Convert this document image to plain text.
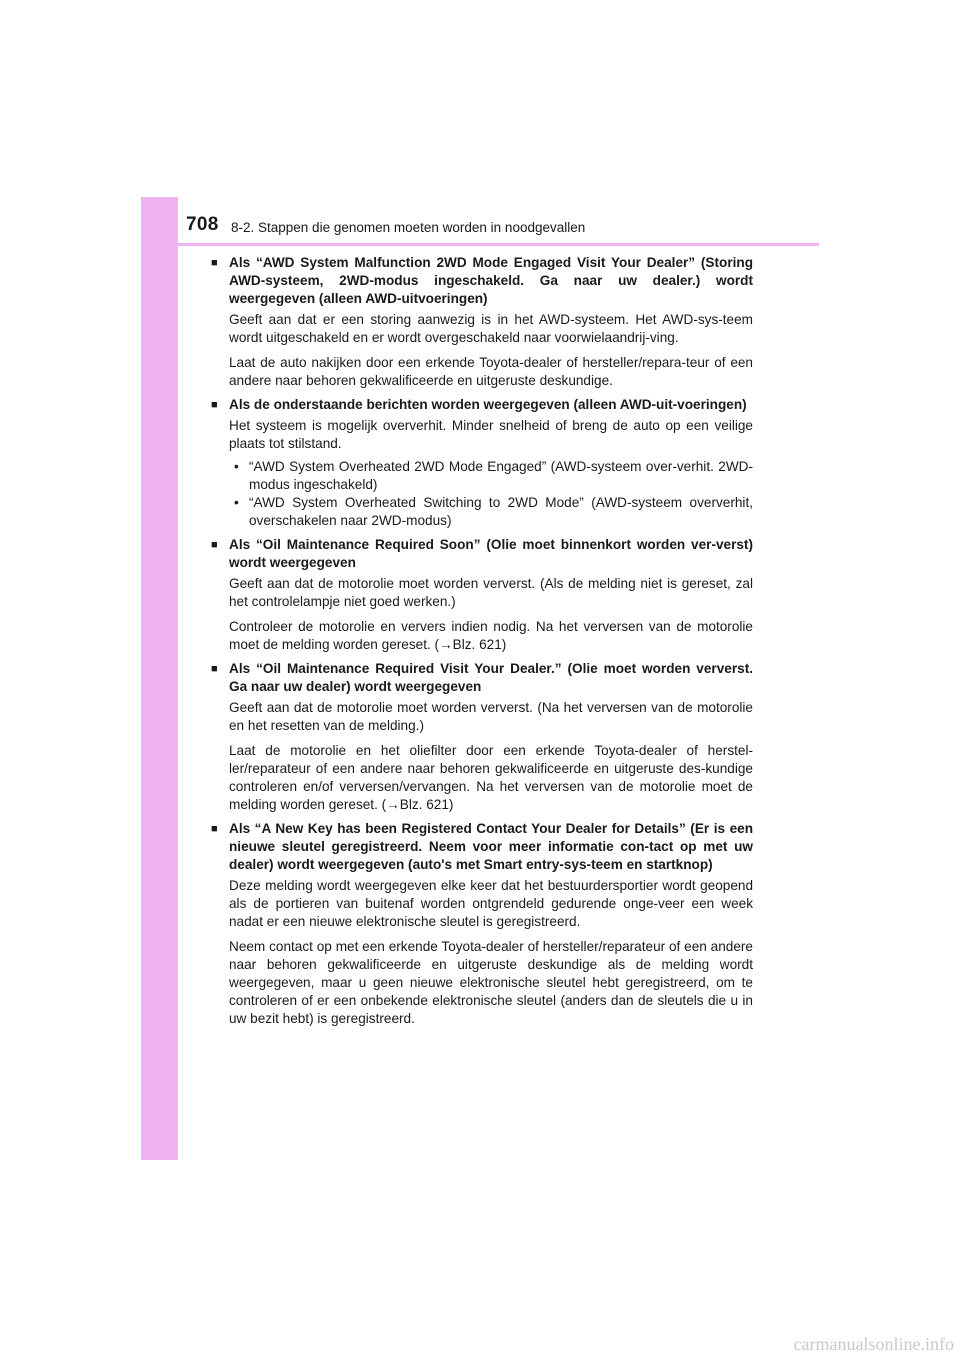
708 8-2. Stappen die genomen moeten worden in noodgevallen
■ Als “AWD System Malfunction 2WD Mode Engaged Visit Your Dealer” (Storing AWD-systeem, 2WD-modus ingeschakeld. Ga naar uw dealer.) wordt weergegeven (alleen AWD-uitvoeringen)
Geeft aan dat er een storing aanwezig is in het AWD-systeem. Het AWD-sys-teem wordt uitgeschakeld en er wordt overgeschakeld naar voorwielaandrij-ving.
Laat de auto nakijken door een erkende Toyota-dealer of hersteller/repara-teur of een andere naar behoren gekwalificeerde en uitgeruste deskundige.
■ Als de onderstaande berichten worden weergegeven (alleen AWD-uit-voeringen)
Het systeem is mogelijk oververhit. Minder snelheid of breng de auto op een veilige plaats tot stilstand.
• “AWD System Overheated 2WD Mode Engaged” (AWD-systeem over-verhit. 2WD-modus ingeschakeld)
• “AWD System Overheated Switching to 2WD Mode” (AWD-systeem oververhit, overschakelen naar 2WD-modus)
■ Als “Oil Maintenance Required Soon” (Olie moet binnenkort worden ver-verst) wordt weergegeven
Geeft aan dat de motorolie moet worden ververst. (Als de melding niet is gereset, zal het controlelampje niet goed werken.)
Controleer de motorolie en ververs indien nodig. Na het verversen van de motorolie moet de melding worden gereset. (→Blz. 621)
■ Als “Oil Maintenance Required Visit Your Dealer.” (Olie moet worden ververst. Ga naar uw dealer) wordt weergegeven
Geeft aan dat de motorolie moet worden ververst. (Na het verversen van de motorolie en het resetten van de melding.)
Laat de motorolie en het oliefilter door een erkende Toyota-dealer of herstel-ler/reparateur of een andere naar behoren gekwalificeerde en uitgeruste des-kundige controleren en/of verversen/vervangen. Na het verversen van de motorolie moet de melding worden gereset. (→Blz. 621)
■ Als “A New Key has been Registered Contact Your Dealer for Details” (Er is een nieuwe sleutel geregistreerd. Neem voor meer informatie con-tact op met uw dealer) wordt weergegeven (auto's met Smart entry-sys-teem en startknop)
Deze melding wordt weergegeven elke keer dat het bestuurdersportier wordt geopend als de portieren van buitenaf worden ontgrendeld gedurende onge-veer een week nadat er een nieuwe elektronische sleutel is geregistreerd.
Neem contact op met een erkende Toyota-dealer of hersteller/reparateur of een andere naar behoren gekwalificeerde en uitgeruste deskundige als de melding wordt weergegeven, maar u geen nieuwe elektronische sleutel hebt geregistreerd, om te controleren of er een onbekende elektronische sleutel (anders dan de sleutels die u in uw bezit hebt) is geregistreerd.
carmanualsonline.info
